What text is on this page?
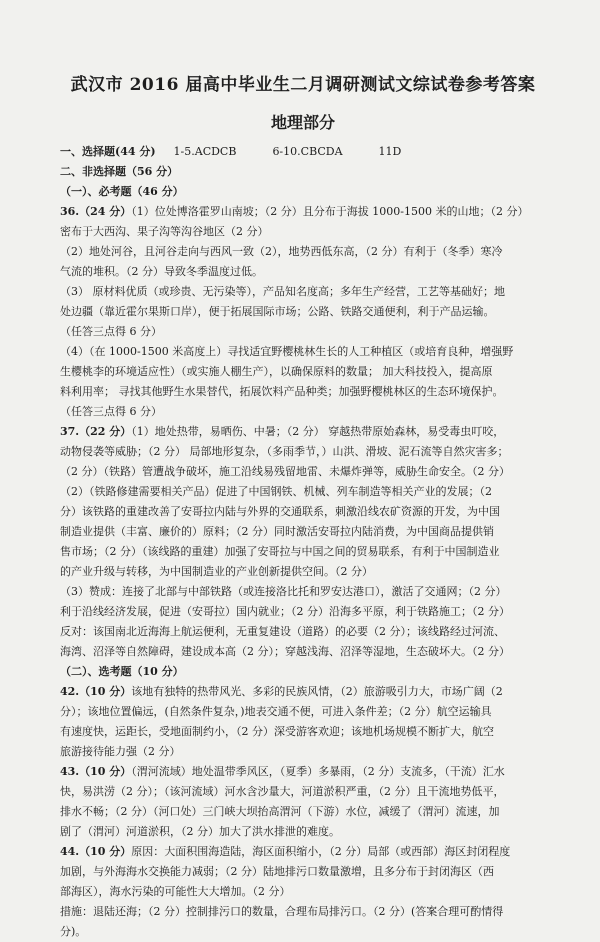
武汉市 2016 届高中毕业生二月调研测试文综试卷参考答案
地理部分

一、选择题(44 分) 1-5.ACDCB	6-10.CBCDA	11D

二、非选择题（56 分）

（一）、必考题（46 分）

36.（24 分）（1）位处博洛霍罗山南坡；（2 分）且分布于海拔 1000-1500 米的山地；（2 分）

密布于大西沟、果子沟等沟谷地区（2 分）

（2）地处河谷，且河谷走向与西风一致（2），地势西低东高，（2 分）有利于（冬季）寒冷

气流的堆积。（2 分）导致冬季温度过低。

（3） 原材料优质（或珍贵、无污染等），产品知名度高；多年生产经营，工艺等基础好；地

处边疆（靠近霍尔果斯口岸），便于拓展国际市场；公路、铁路交通便利，利于产品运输。

（任答三点得 6 分）

（4）（在 1000-1500 米高度上）寻找适宜野樱桃林生长的人工种植区（或培育良种，增强野

生樱桃李的环境适应性）（或实施人棚生产），以确保原料的数量； 加大科技投入，提高原

料利用率； 寻找其他野生水果替代，拓展饮料产品种类；加强野樱桃林区的生态环境保护。

（任答三点得 6 分）

37.（22 分）（1）地处热带，易晒伤、中暑；（2 分） 穿越热带原始森林，易受毒虫叮咬，

动物侵袭等威胁；（2 分） 局部地形复杂，（多雨季节，）山洪、滑坡、泥石流等自然灾害多；

（2 分）（铁路）管遭战争破坏，施工沿线易残留地雷、未爆炸弹等，威胁生命安全。（2 分）

（2）（铁路修建需要相关产品）促进了中国钢铁、机械、列车制造等相关产业的发展；（2

分）该铁路的重建改善了安哥拉内陆与外界的交通联系，刺激沿线农矿资源的开发，为中国

制造业提供（丰富、廉价的）原料；（2 分）同时激活安哥拉内陆消费，为中国商品提供销

售市场；（2 分）（该线路的重建）加强了安哥拉与中国之间的贸易联系，有利于中国制造业

的产业升级与转移，为中国制造业的产业创新提供空间。（2 分）

（3）赞成：连接了北部与中部铁路（或连接洛比托和罗安达港口），激活了交通网；（2 分）

利于沿线经济发展，促进（安哥拉）国内就业；（2 分）沿海多平原，利于铁路施工；（2 分）

反对：该国南北近海海上航运便利，无重复建设（道路）的必要（2 分）；该线路经过河流、

海湾、沼泽等自然障碍，建设成本高（2 分）；穿越浅海、沼泽等湿地，生态破坏大。（2 分）

（二）、选考题（10 分）

42.（10 分）该地有独特的热带风光、多彩的民族风情，（2）旅游吸引力大，市场广阔（2

分）；该地位置偏远，(自然条件复杂，)地表交通不便，可进入条件差；（2 分）航空运输具

有速度快，运距长，受地面制约小，（2 分）深受游客欢迎；该地机场规模不断扩大，航空

旅游接待能力强（2 分）

43.（10 分）（渭河流域）地处温带季风区，（夏季）多暴雨，（2 分）支流多，（干流）汇水

快，易洪涝（2 分）；（该河流域）河水含沙量大，河道淤积严重，（2 分）且干流地势低平，

排水不畅；（2 分）（河口处）三门峡大坝抬高渭河（下游）水位，减缓了（渭河）流速，加

剧了（渭河）河道淤积，（2 分）加大了洪水排泄的难度。

44.（10 分）原因：大面积围海造陆，海区面积缩小，（2 分）局部（或西部）海区封闭程度

加剧，与外海海水交换能力减弱；（2 分）陆地排污口数量激增，且多分布于封闭海区（西

部海区），海水污染的可能性大大增加。（2 分）

措施：退陆还海；（2 分）控制排污口的数量，合理布局排污口。（2 分）(答案合理可酌情得

分)。
